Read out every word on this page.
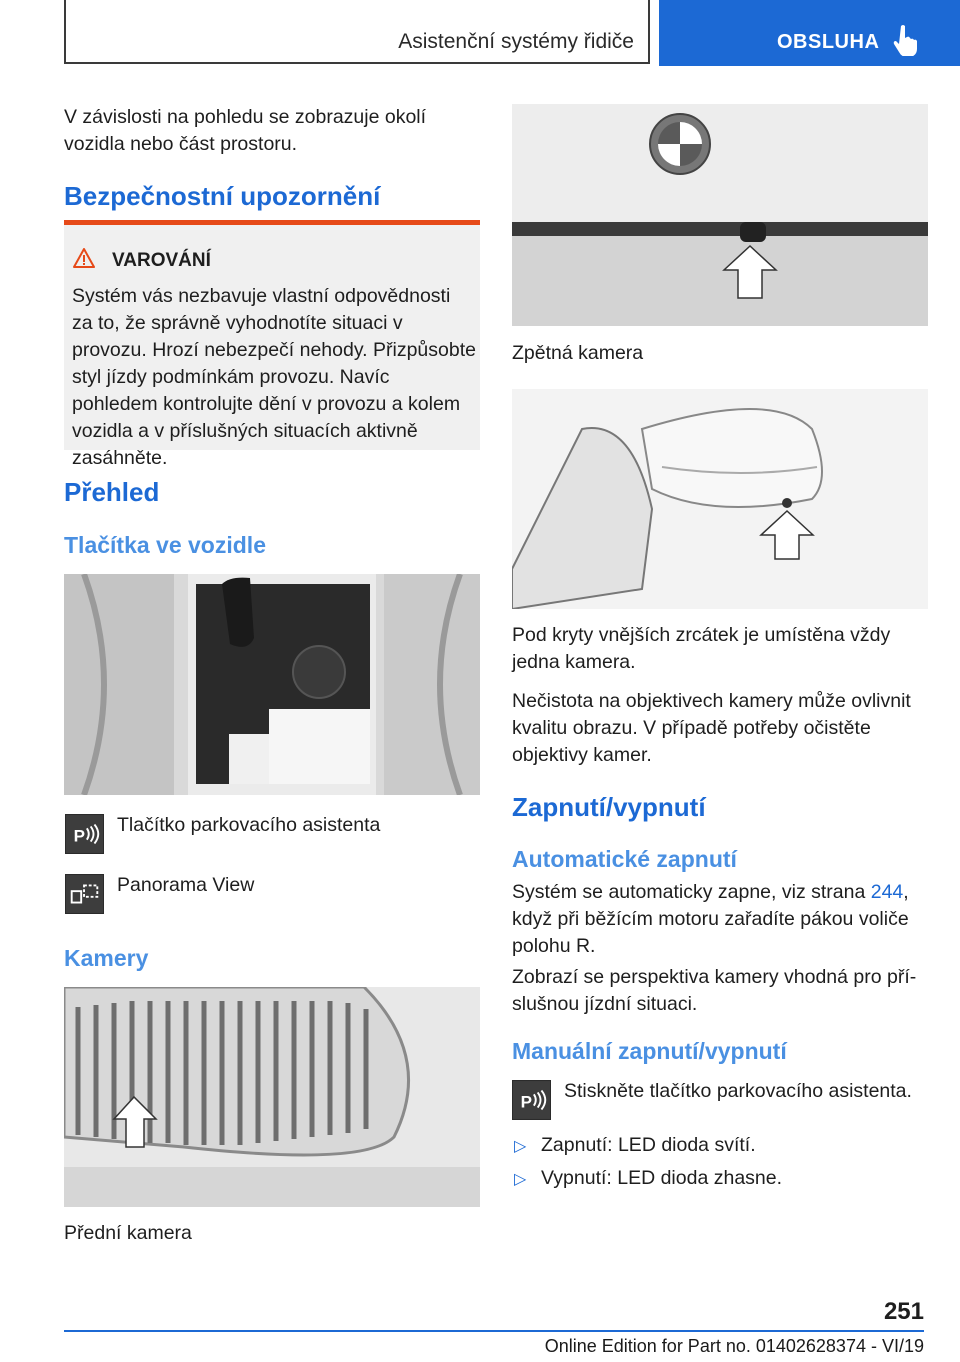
Asistenční systémy řidiče	OBSLUHA
V závislosti na pohledu se zobrazuje okolí vozidla nebo část prostoru.
Bezpečnostní upozornění
VAROVÁNÍ
Systém vás nezbavuje vlastní odpovědnosti za to, že správně vyhodnotíte situaci v provozu. Hrozí nebezpečí nehody. Přizpůsobte styl jízdy podmínkám provozu. Navíc pohledem kontrolujte dění v provozu a kolem vozidla a v příslušných situacích aktivně zasáhněte.
Přehled
Tlačítka ve vozidle
P
Tlačítko parkovacího asistenta
Panorama View
Kamery
Přední kamera
Zpětná kamera
Pod kryty vnějších zrcátek je umístěna vždy jedna kamera.
Nečistota na objektivech kamery může ovlivnit kvalitu obrazu. V případě potřeby očistěte objektivy kamer.
Zapnutí/vypnutí
Automatické zapnutí
Systém se automaticky zapne, viz strana 244, když při běžícím motoru zařadíte pákou voliče polohu R.
Zobrazí se perspektiva kamery vhodná pro příslušnou jízdní situaci.
Manuální zapnutí/vypnutí
P
Stiskněte tlačítko parkovacího asistenta.
▷ Zapnutí: LED dioda svítí.
▷ Vypnutí: LED dioda zhasne.
251
Online Edition for Part no. 01402628374 - VI/19
